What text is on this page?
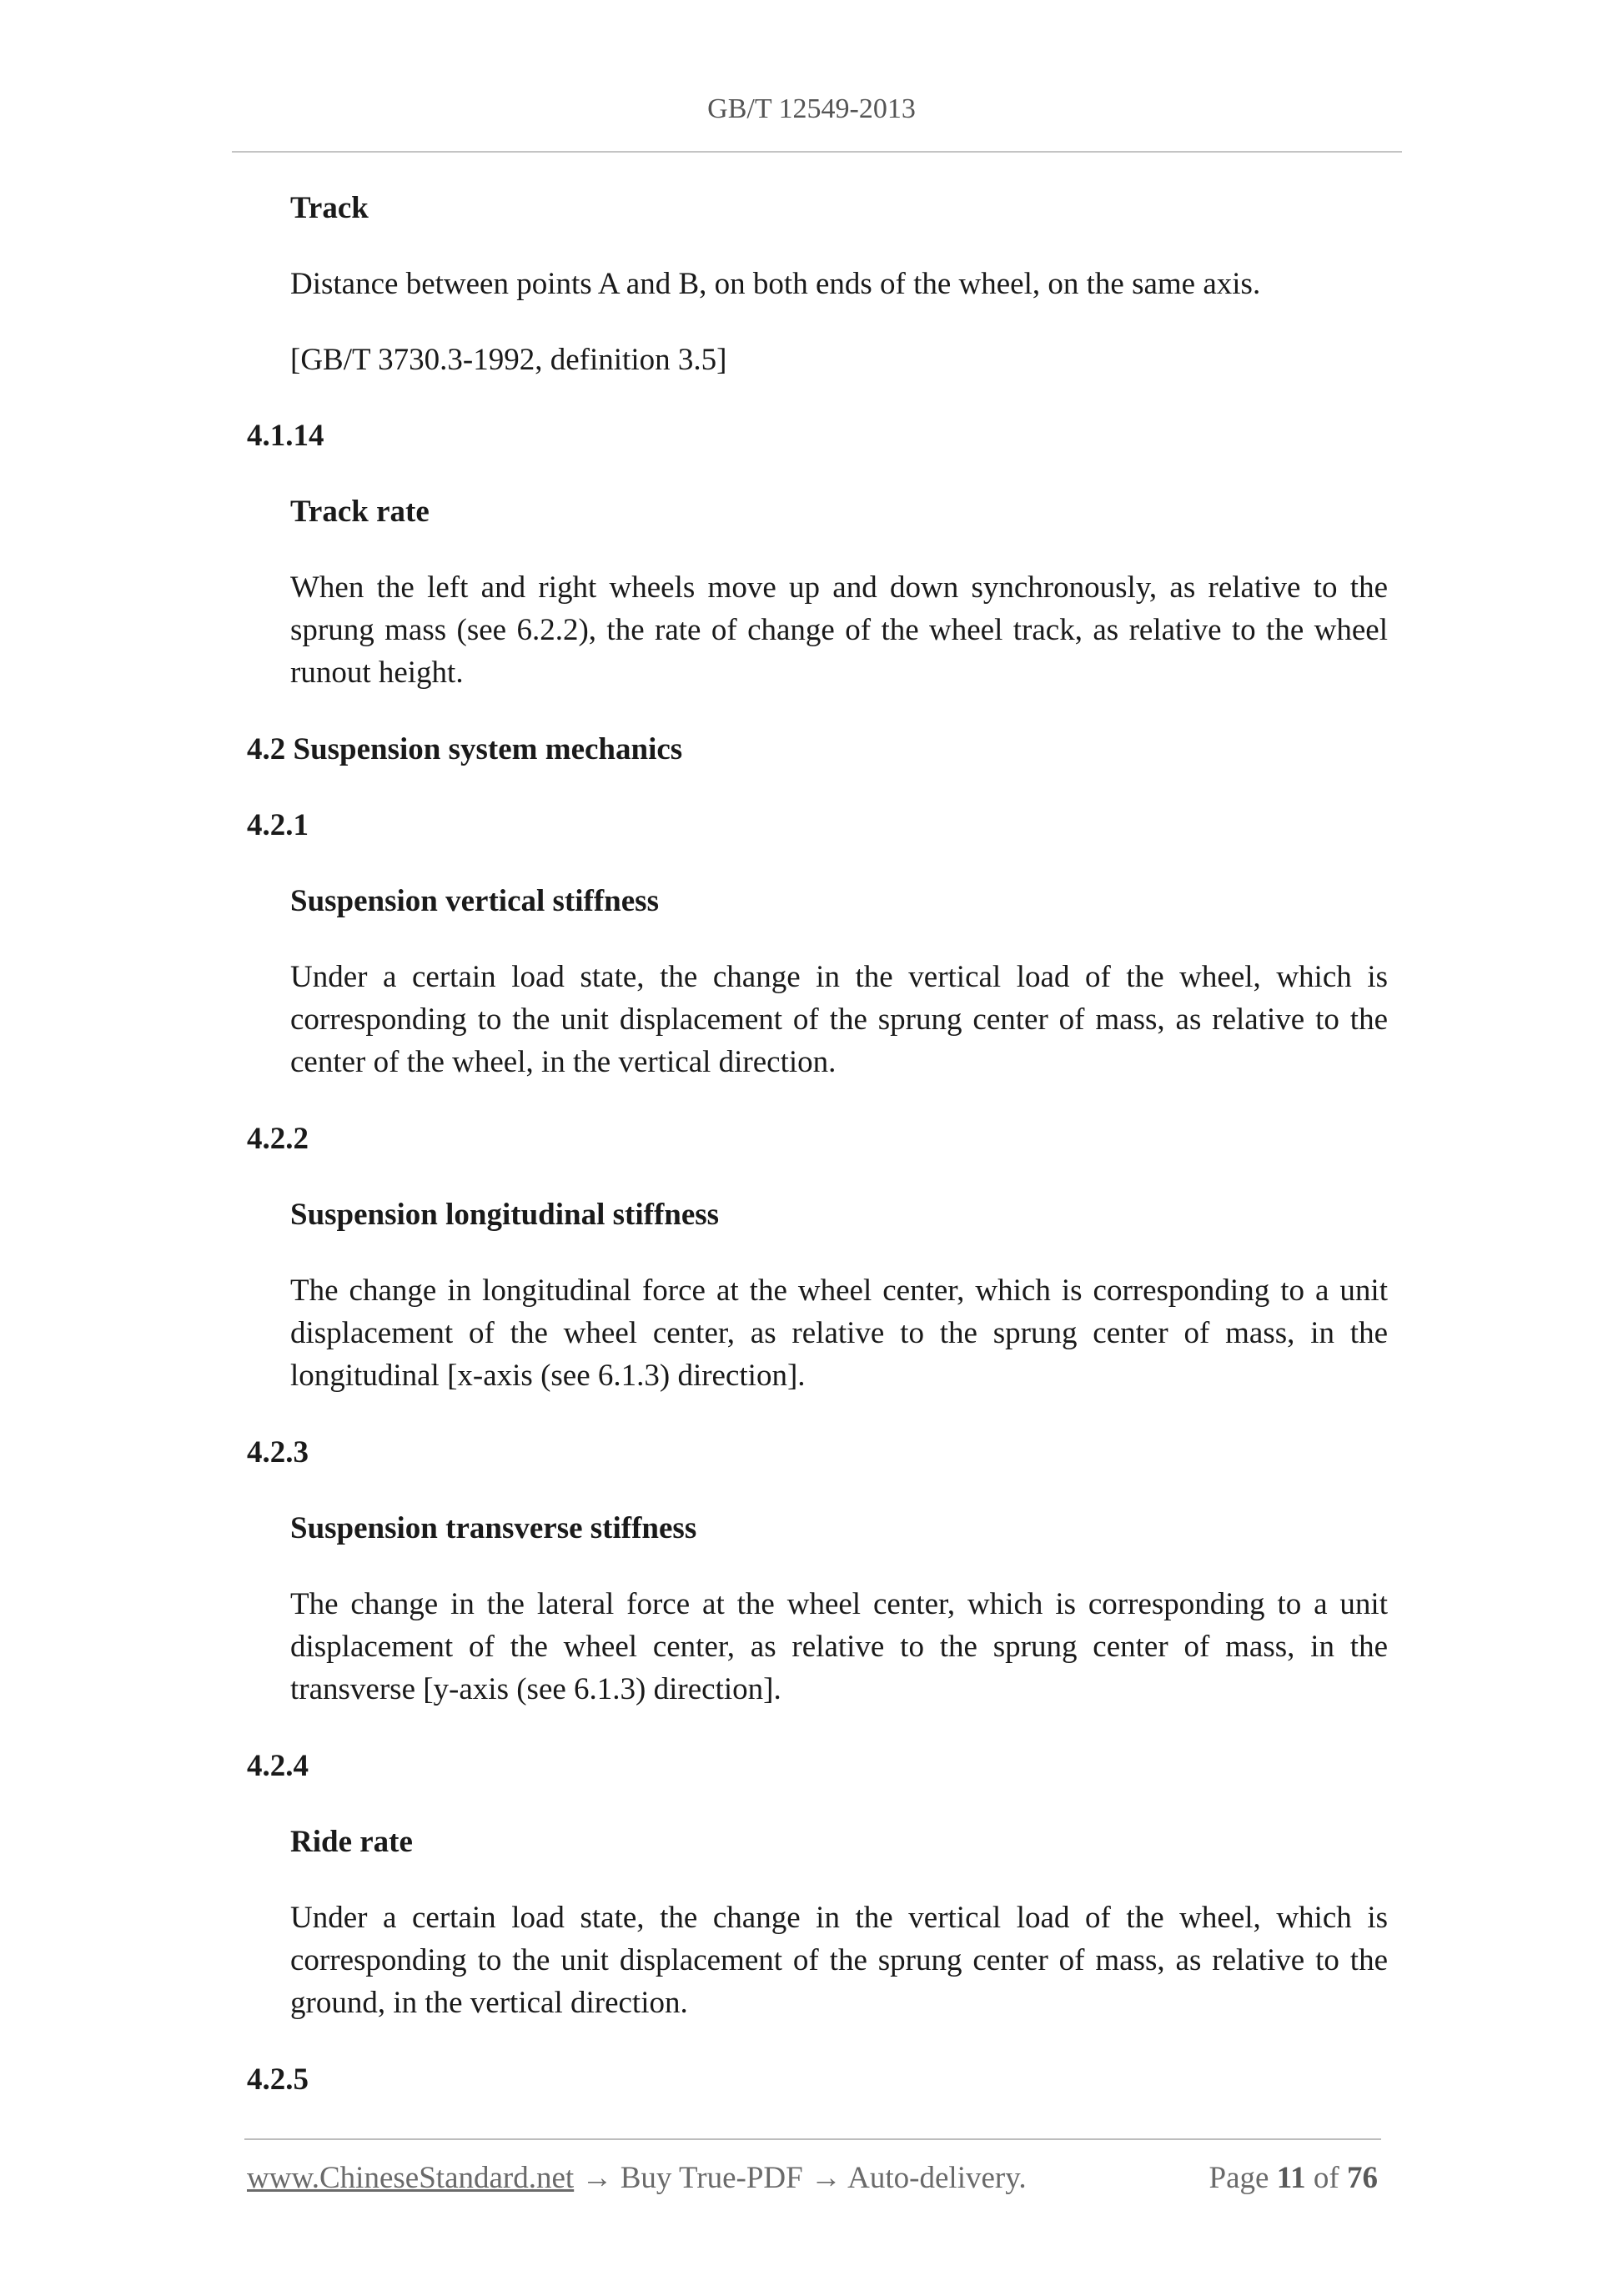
GB/T 12549-2013

Track

Distance between points A and B, on both ends of the wheel, on the same axis.

[GB/T 3730.3-1992, definition 3.5]

4.1.14

Track rate

When the left and right wheels move up and down synchronously, as relative to the sprung mass (see 6.2.2), the rate of change of the wheel track, as relative to the wheel runout height.

4.2 Suspension system mechanics

4.2.1

Suspension vertical stiffness

Under a certain load state, the change in the vertical load of the wheel, which is corresponding to the unit displacement of the sprung center of mass, as relative to the center of the wheel, in the vertical direction.

4.2.2

Suspension longitudinal stiffness

The change in longitudinal force at the wheel center, which is corresponding to a unit displacement of the wheel center, as relative to the sprung center of mass, in the longitudinal [x-axis (see 6.1.3) direction].

4.2.3

Suspension transverse stiffness

The change in the lateral force at the wheel center, which is corresponding to a unit displacement of the wheel center, as relative to the sprung center of mass, in the transverse [y-axis (see 6.1.3) direction].

4.2.4

Ride rate

Under a certain load state, the change in the vertical load of the wheel, which is corresponding to the unit displacement of the sprung center of mass, as relative to the ground, in the vertical direction.

4.2.5

www.ChineseStandard.net → Buy True-PDF → Auto-delivery.	Page 11 of 76
